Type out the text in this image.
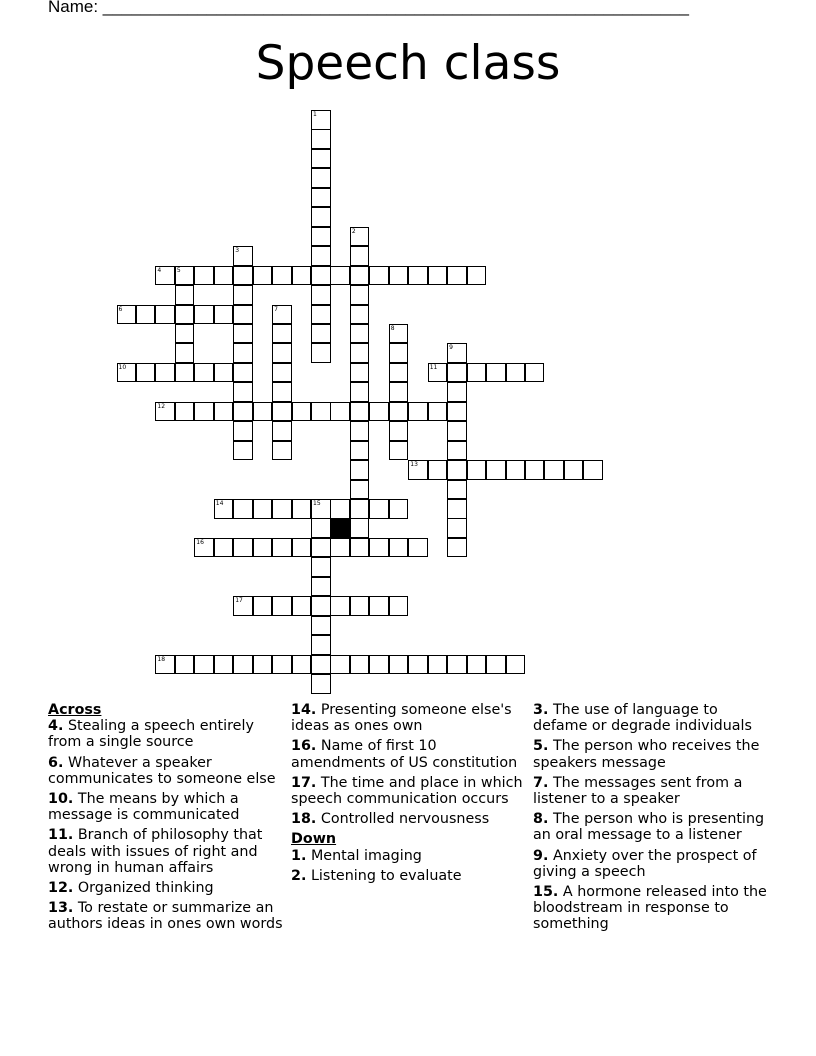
Name: ______________________________________________________________
Speech class
1
2
3
4	5
6	7
8
9
10	11
12
13
14	15
16
17
18

Across

4. Stealing a speech entirely from a single source

6. Whatever a speaker communicates to someone else

10. The means by which a message is communicated

11. Branch of philosophy that deals with issues of right and wrong in human affairs

12. Organized thinking

13. To restate or summarize an authors ideas in ones own words

14. Presenting someone else's ideas as ones own

16. Name of first 10 amendments of US constitution

17. The time and place in which speech communication occurs

18. Controlled nervousness

Down

1. Mental imaging

2. Listening to evaluate

3. The use of language to defame or degrade individuals

5. The person who receives the speakers message

7. The messages sent from a listener to a speaker

8. The person who is presenting an oral message to a listener

9. Anxiety over the prospect of giving a speech

15. A hormone released into the bloodstream in response to something
